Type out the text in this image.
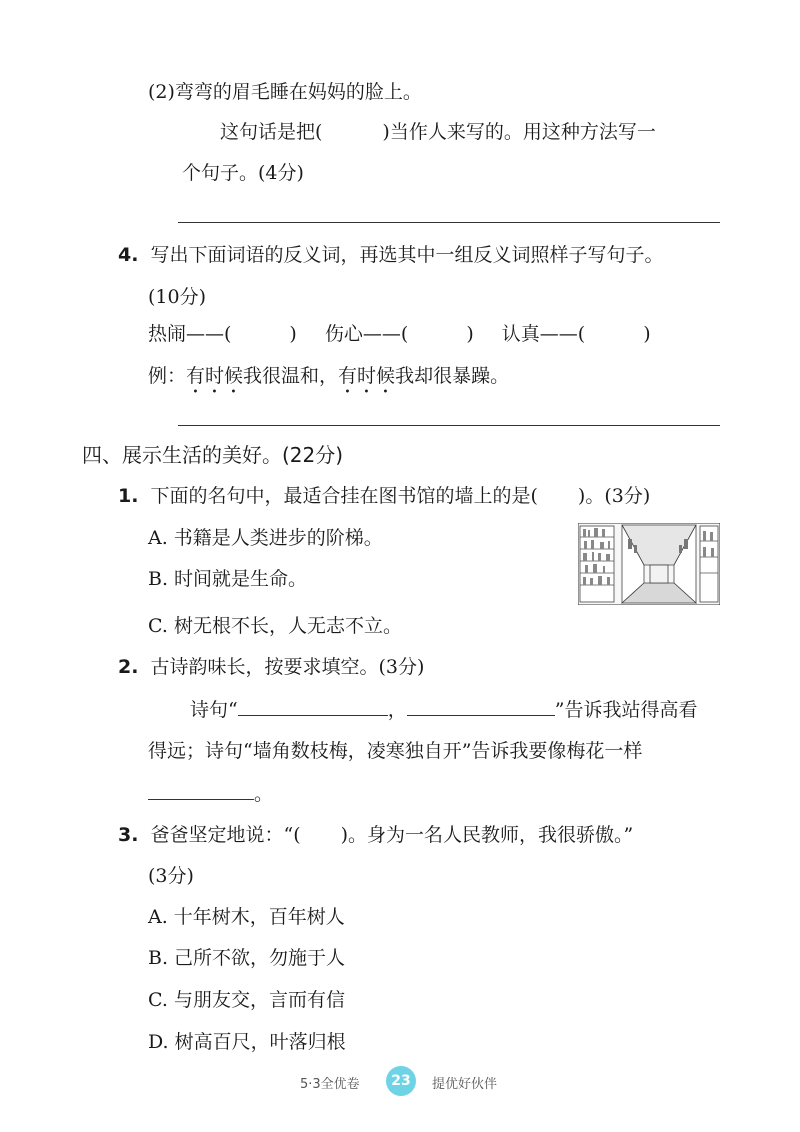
(2)弯弯的眉毛睡在妈妈的脸上。
这句话是把(	)当作人来写的。用这种方法写一
个句子。(4分)
4. 写出下面词语的反义词，再选其中一组反义词照样子写句子。
(10分)
热闹——(	) 伤心——(	) 认真——(	)
例：有时候我很温和，有时候我却很暴躁。
四、展示生活的美好。(22分)
1. 下面的名句中，最适合挂在图书馆的墙上的是( )。(3分)
A. 书籍是人类进步的阶梯。
B. 时间就是生命。
C. 树无根不长，人无志不立。
2. 古诗韵味长，按要求填空。(3分)
诗句“	，	”告诉我站得高看
得远；诗句“墙角数枝梅，凌寒独自开”告诉我要像梅花一样
。
3. 爸爸坚定地说：“( )。身为一名人民教师，我很骄傲。”
(3分)
A. 十年树木，百年树人
B. 己所不欲，勿施于人
C. 与朋友交，言而有信
D. 树高百尺，叶落归根
5·3全优卷	23	提优好伙伴
